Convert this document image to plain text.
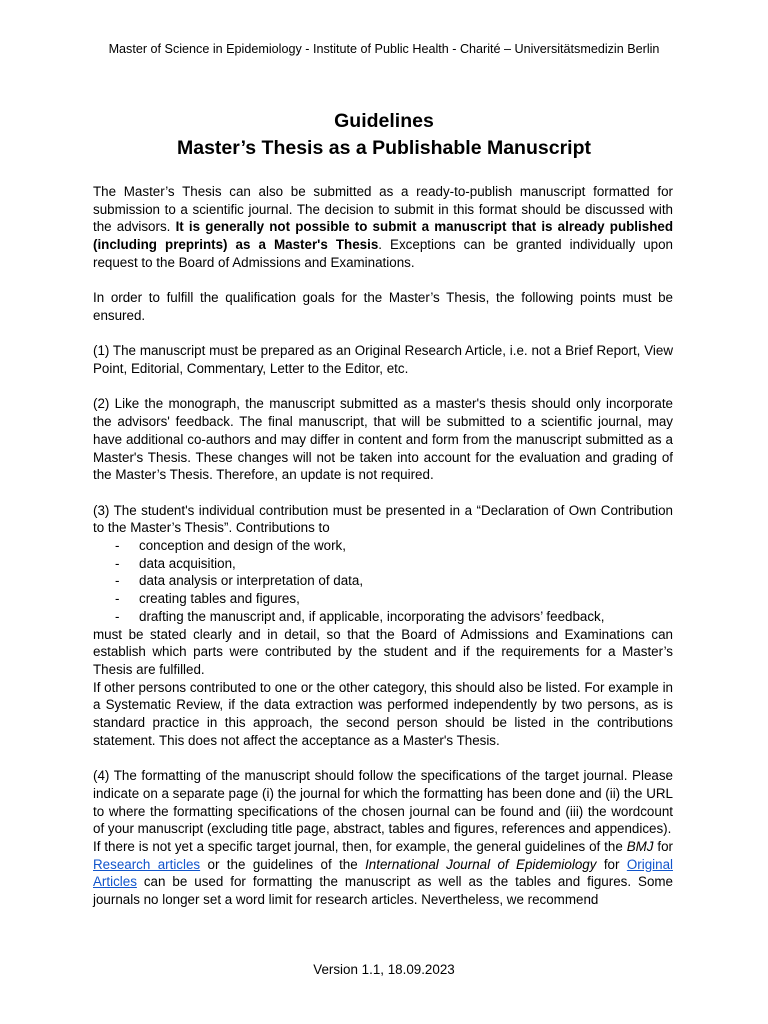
Master of Science in Epidemiology - Institute of Public Health - Charité – Universitätsmedizin Berlin
Guidelines
Master’s Thesis as a Publishable Manuscript

The Master’s Thesis can also be submitted as a ready-to-publish manuscript formatted for submission to a scientific journal. The decision to submit in this format should be discussed with the advisors. It is generally not possible to submit a manuscript that is already published (including preprints) as a Master's Thesis. Exceptions can be granted individually upon request to the Board of Admissions and Examinations.

In order to fulfill the qualification goals for the Master’s Thesis, the following points must be ensured.

(1) The manuscript must be prepared as an Original Research Article, i.e. not a Brief Report, View Point, Editorial, Commentary, Letter to the Editor, etc.

(2) Like the monograph, the manuscript submitted as a master's thesis should only incorporate the advisors' feedback. The final manuscript, that will be submitted to a scientific journal, may have additional co-authors and may differ in content and form from the manuscript submitted as a Master's Thesis. These changes will not be taken into account for the evaluation and grading of the Master’s Thesis. Therefore, an update is not required.

(3) The student's individual contribution must be presented in a “Declaration of Own Contribution to the Master’s Thesis”. Contributions to

- conception and design of the work,
- data acquisition,
- data analysis or interpretation of data,
- creating tables and figures,
- drafting the manuscript and, if applicable, incorporating the advisors’ feedback,

must be stated clearly and in detail, so that the Board of Admissions and Examinations can establish which parts were contributed by the student and if the requirements for a Master’s Thesis are fulfilled.

If other persons contributed to one or the other category, this should also be listed. For example in a Systematic Review, if the data extraction was performed independently by two persons, as is standard practice in this approach, the second person should be listed in the contributions statement. This does not affect the acceptance as a Master's Thesis.

(4) The formatting of the manuscript should follow the specifications of the target journal. Please indicate on a separate page (i) the journal for which the formatting has been done and (ii) the URL to where the formatting specifications of the chosen journal can be found and (iii) the wordcount of your manuscript (excluding title page, abstract, tables and figures, references and appendices).

If there is not yet a specific target journal, then, for example, the general guidelines of the BMJ for Research articles or the guidelines of the International Journal of Epidemiology for Original Articles can be used for formatting the manuscript as well as the tables and figures. Some journals no longer set a word limit for research articles. Nevertheless, we recommend

Version 1.1, 18.09.2023
